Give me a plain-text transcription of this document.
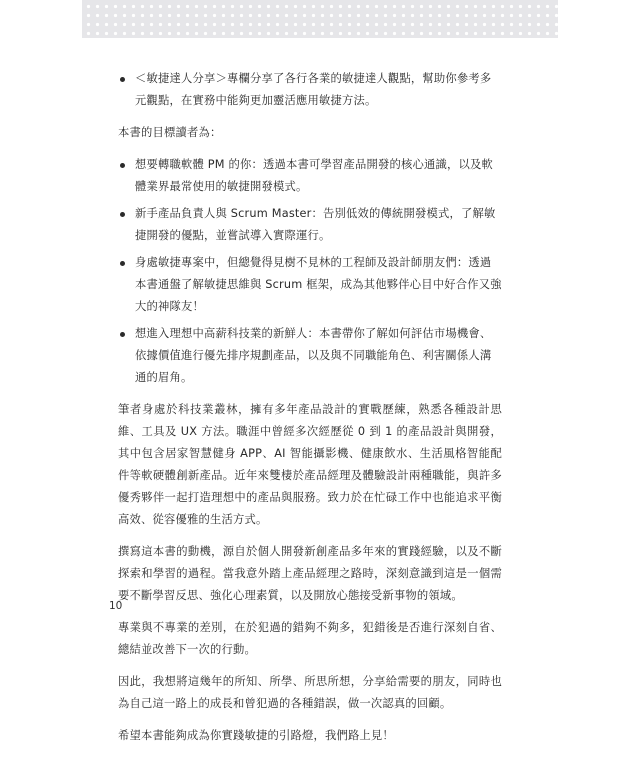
＜敏捷達人分享＞專欄分享了各行各業的敏捷達人觀點，幫助你參考多元觀點，在實務中能夠更加靈活應用敏捷方法。

本書的目標讀者為：

想要轉職軟體 PM 的你：透過本書可學習產品開發的核心通識，以及軟體業界最常使用的敏捷開發模式。
新手產品負責人與 Scrum Master：告別低效的傳統開發模式，了解敏捷開發的優點，並嘗試導入實際運行。
身處敏捷專案中，但總覺得見樹不見林的工程師及設計師朋友們：透過本書通盤了解敏捷思維與 Scrum 框架，成為其他夥伴心目中好合作又強大的神隊友！
想進入理想中高薪科技業的新鮮人：本書帶你了解如何評估市場機會、依據價值進行優先排序規劃產品，以及與不同職能角色、利害關係人溝通的眉角。

筆者身處於科技業叢林，擁有多年產品設計的實戰歷練，熟悉各種設計思維、工具及 UX 方法。職涯中曾經多次經歷從 0 到 1 的產品設計與開發，其中包含居家智慧健身 APP、AI 智能攝影機、健康飲水、生活風格智能配件等軟硬體創新產品。近年來雙棲於產品經理及體驗設計兩種職能，與許多優秀夥伴一起打造理想中的產品與服務。致力於在忙碌工作中也能追求平衡高效、從容優雅的生活方式。

撰寫這本書的動機，源自於個人開發新創產品多年來的實踐經驗，以及不斷探索和學習的過程。當我意外踏上產品經理之路時，深刻意識到這是一個需要不斷學習反思、強化心理素質，以及開放心態接受新事物的領域。

專業與不專業的差別，在於犯過的錯夠不夠多，犯錯後是否進行深刻自省、總結並改善下一次的行動。

因此，我想將這幾年的所知、所學、所思所想，分享給需要的朋友，同時也為自己這一路上的成長和曾犯過的各種錯誤，做一次認真的回顧。

希望本書能夠成為你實踐敏捷的引路燈，我們路上見！

10
